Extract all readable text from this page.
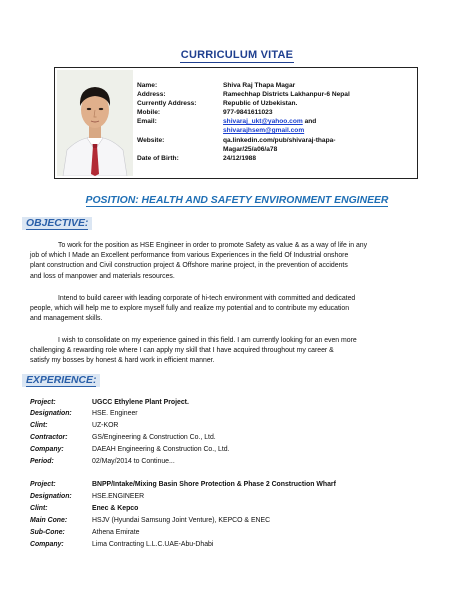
CURRICULUM VITAE
Name:	Shiva Raj Thapa Magar
Address:	Ramechhap Districts Lakhanpur-6 Nepal
Currently Address:	Republic of Uzbekistan.
Mobile:	977-9841611023
Email:	shivaraj_ukt@yahoo.com and
shivarajhsem@gmail.com
Website:	qa.linkedin.com/pub/shivaraj-thapa-
Magar/25/a06/a78
Date of Birth:	24/12/1988
POSITION: HEALTH AND SAFETY ENVIRONMENT ENGINEER
OBJECTIVE:
To work for the position as HSE Engineer in order to promote Safety as value & as a way of life in any
job of which I Made an Excellent performance from various Experiences in the field Of Industrial onshore
plant construction and Civil construction project & Offshore marine project, in the prevention of accidents
and loss of manpower and materials resources.
Intend to build career with leading corporate of hi-tech environment with committed and dedicated
people, which will help me to explore myself fully and realize my potential and to contribute my education
and management skills.
I wish to consolidate on my experience gained in this field. I am currently looking for an even more
challenging & rewarding role where I can apply my skill that I have acquired throughout my career &
satisfy my bosses by honest & hard work in efficient manner.
EXPERIENCE:
Project:	UGCC Ethylene Plant Project.
Designation:	HSE. Engineer
Clint:	UZ-KOR
Contractor:	GS/Engineering & Construction Co., Ltd.
Company:	DAEAH Engineering & Construction Co., Ltd.
Period:	02/May/2014 to Continue...
Project:	BNPP/Intake/Mixing Basin Shore Protection & Phase 2 Construction Wharf
Designation:	HSE.ENGINEER
Clint:	Enec & Kepco
Main Cone:	HSJV (Hyundai Samsung Joint Venture), KEPCO & ENEC
Sub-Cone:	Athena Emirate
Company:	Lima Contracting L.L.C.UAE-Abu-Dhabi
